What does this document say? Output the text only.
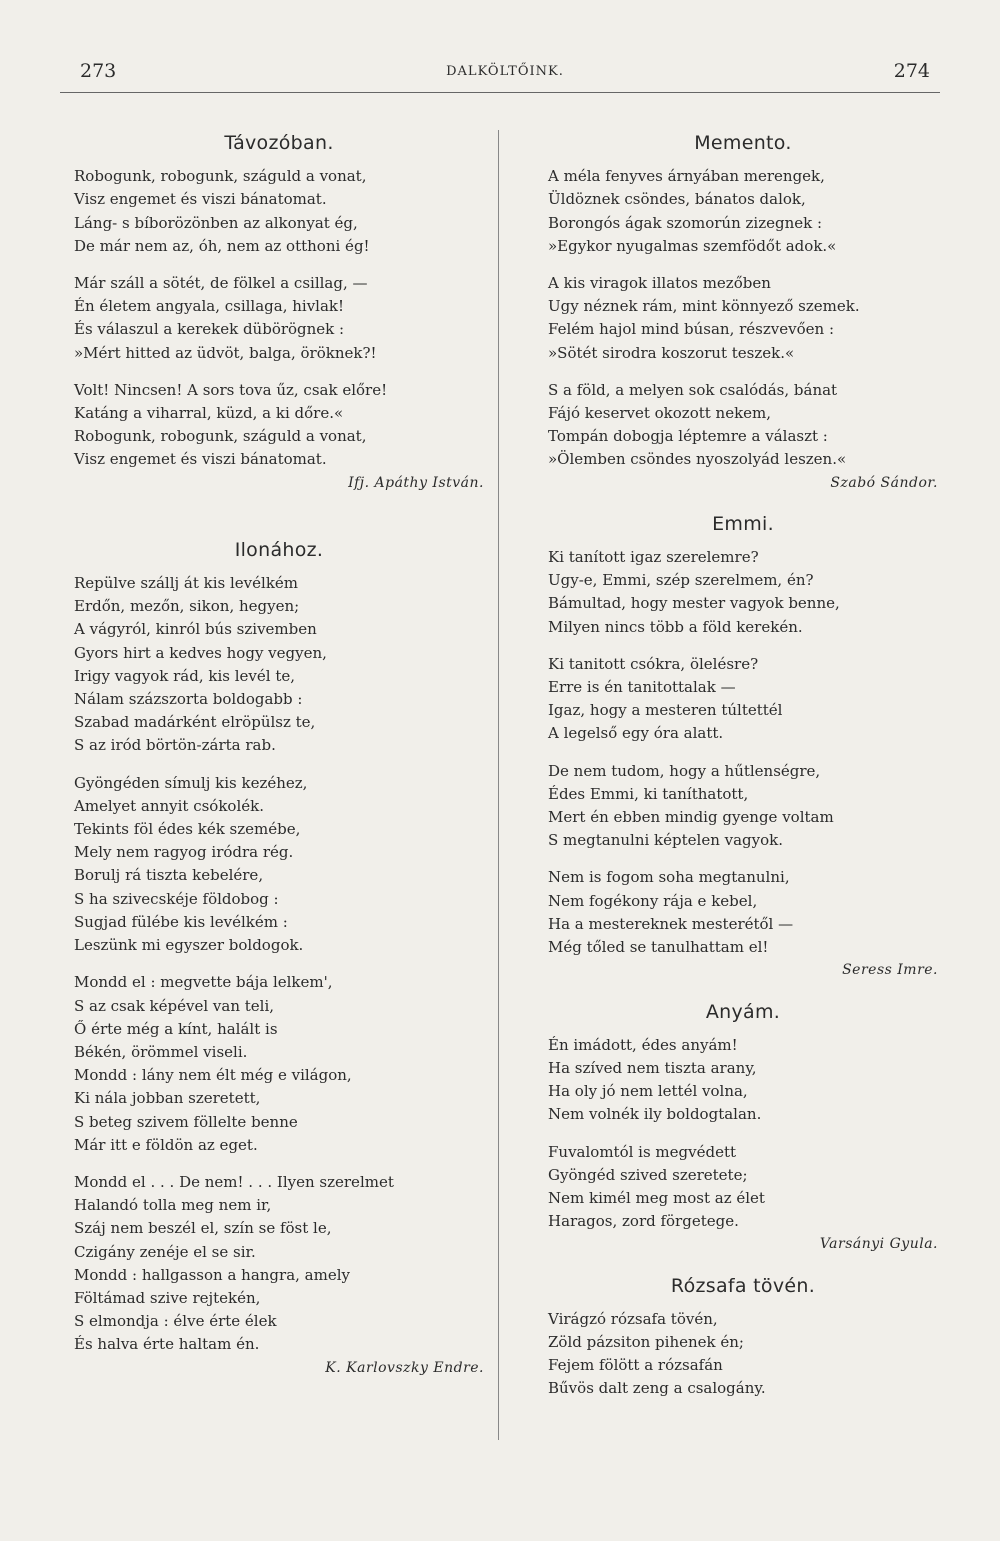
273	DALKÖLTŐINK.	274
Távozóban.
Robogunk, robogunk, száguld a vonat,
Visz engemet és viszi bánatomat.
Láng- s bíborözönben az alkonyat ég,
De már nem az, óh, nem az otthoni ég!
Már száll a sötét, de fölkel a csillag, —
Én életem angyala, csillaga, hivlak!
És válaszul a kerekek dübörögnek :
»Mért hitted az üdvöt, balga, öröknek?!
Volt! Nincsen! A sors tova űz, csak előre!
Katáng a viharral, küzd, a ki dőre.«
Robogunk, robogunk, száguld a vonat,
Visz engemet és viszi bánatomat.
Ifj. Apáthy István.
Ilonához.
Repülve szállj át kis levélkém
Erdőn, mezőn, sikon, hegyen;
A vágyról, kinról bús szivemben
Gyors hirt a kedves hogy vegyen,
Irigy vagyok rád, kis levél te,
Nálam százszorta boldogabb :
Szabad madárként elröpülsz te,
S az iród börtön-zárta rab.
Gyöngéden símulj kis kezéhez,
Amelyet annyit csókolék.
Tekints föl édes kék szemébe,
Mely nem ragyog iródra rég.
Borulj rá tiszta kebelére,
S ha szivecskéje földobog :
Sugjad fülébe kis levélkém :
Leszünk mi egyszer boldogok.
Mondd el : megvette bája lelkem',
S az csak képével van teli,
Ő érte még a kínt, halált is
Békén, örömmel viseli.
Mondd : lány nem élt még e világon,
Ki nála jobban szeretett,
S beteg szivem föllelte benne
Már itt e földön az eget.
Mondd el . . . De nem! . . . Ilyen szerelmet
Halandó tolla meg nem ir,
Száj nem beszél el, szín se föst le,
Czigány zenéje el se sir.
Mondd : hallgasson a hangra, amely
Föltámad szive rejtekén,
S elmondja : élve érte élek
És halva érte haltam én.
K. Karlovszky Endre.
Memento.
A méla fenyves árnyában merengek,
Üldöznek csöndes, bánatos dalok,
Borongós ágak szomorún zizegnek :
»Egykor nyugalmas szemfödőt adok.«
A kis viragok illatos mezőben
Ugy néznek rám, mint könnyező szemek.
Felém hajol mind búsan, részvevően :
»Sötét sirodra koszorut teszek.«
S a föld, a melyen sok csalódás, bánat
Fájó keservet okozott nekem,
Tompán dobogja léptemre a választ :
»Ölemben csöndes nyoszolyád leszen.«
Szabó Sándor.
Emmi.
Ki tanított igaz szerelemre?
Ugy-e, Emmi, szép szerelmem, én?
Bámultad, hogy mester vagyok benne,
Milyen nincs több a föld kerekén.
Ki tanitott csókra, ölelésre?
Erre is én tanitottalak —
Igaz, hogy a mesteren túltettél
A legelső egy óra alatt.
De nem tudom, hogy a hűtlenségre,
Édes Emmi, ki taníthatott,
Mert én ebben mindig gyenge voltam
S megtanulni képtelen vagyok.
Nem is fogom soha megtanulni,
Nem fogékony rája e kebel,
Ha a mestereknek mesterétől —
Még tőled se tanulhattam el!
Seress Imre.
Anyám.
Én imádott, édes anyám!
Ha szíved nem tiszta arany,
Ha oly jó nem lettél volna,
Nem volnék ily boldogtalan.
Fuvalomtól is megvédett
Gyöngéd szived szeretete;
Nem kimél meg most az élet
Haragos, zord förgetege.
Varsányi Gyula.
Rózsafa tövén.
Virágzó rózsafa tövén,
Zöld pázsiton pihenek én;
Fejem fölött a rózsafán
Bűvös dalt zeng a csalogány.
